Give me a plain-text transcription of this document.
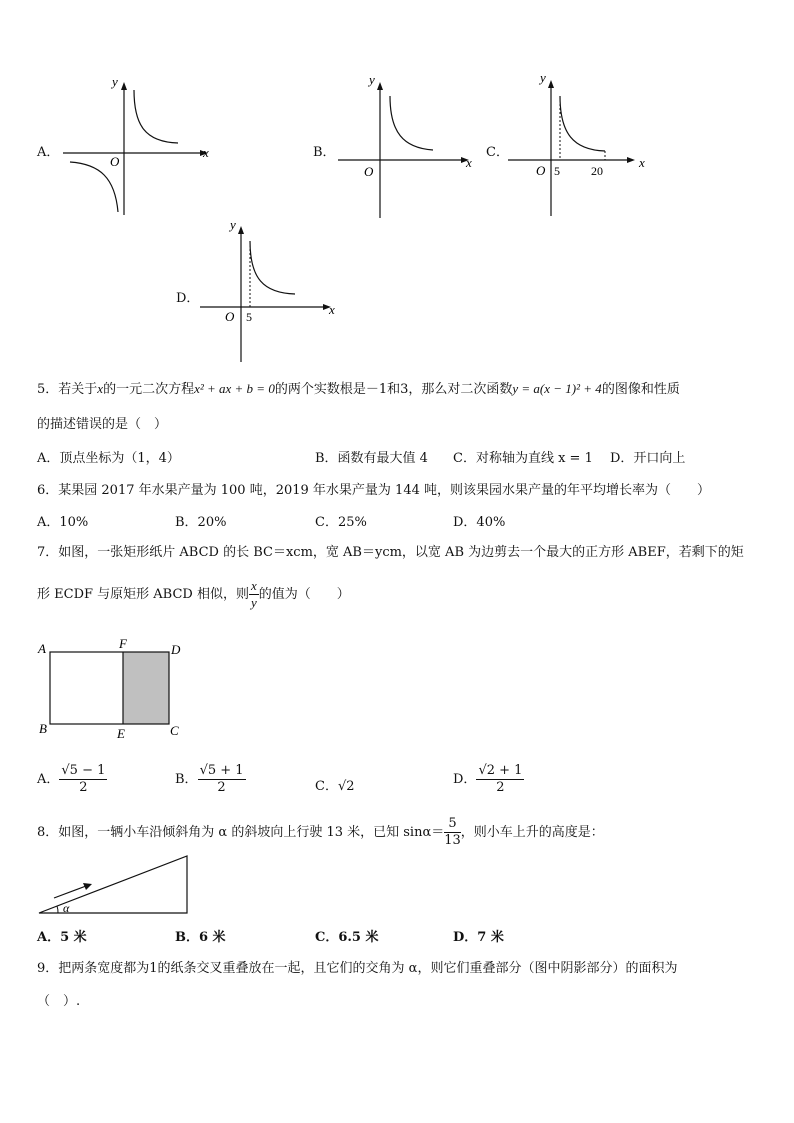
A．	x
y
O
B．
x
y
O
C．
x
y
O 5	20
D．
x
y
O 5
5．若关于x的一元二次方程x² + ax + b = 0的两个实数根是－1和3，那么对二次函数y = a(x − 1)² + 4的图像和性质
的描述错误的是（　）
A．顶点坐标为（1，4）	B．函数有最大值 4 C．对称轴为直线 x = 1 D．开口向上
6．某果园 2017 年水果产量为 100 吨，2019 年水果产量为 144 吨，则该果园水果产量的年平均增长率为（　　）
A．10%	B．20%	C．25%	D．40%
7．如图，一张矩形纸片 ABCD 的长 BC＝xcm，宽 AB＝ycm，以宽 AB 为边剪去一个最大的正方形 ABEF，若剩下的矩
形 ECDF 与原矩形 ABCD 相似，则 $\frac{x}{y}$ 的值为（　　）
A
B	C
D
E
F
A． $\frac{√5 - 1}{2}$	B． $\frac{√5 + 1}{2}$	C．√2	D． $\frac{√2 + 1}{2}$
8．如图，一辆小车沿倾斜角为 α 的斜坡向上行驶 13 米，已知 $\sin\alpha= \frac{5}{13}$ ，则小车上升的高度是：
α
A．5 米	B．6 米	C．6.5 米	D．7 米
9．把两条宽度都为1的纸条交叉重叠放在一起，且它们的交角为 α，则它们重叠部分（图中阴影部分）的面积为
（　）.
